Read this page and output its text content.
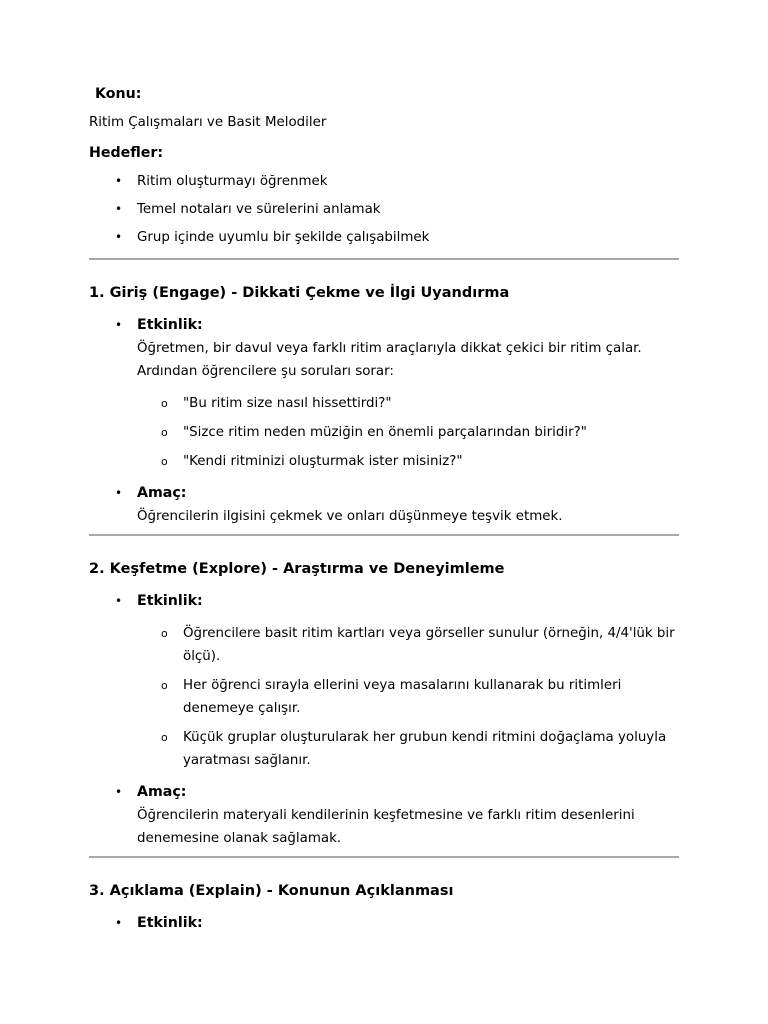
Konu:

Ritim Çalışmaları ve Basit Melodiler

Hedefler:

•	Ritim oluşturmayı öğrenmek
•	Temel notaları ve sürelerini anlamak
•	Grup içinde uyumlu bir şekilde çalışabilmek
1. Giriş (Engage) - Dikkati Çekme ve İlgi Uyandırma
•	Etkinlik:
Öğretmen, bir davul veya farklı ritim araçlarıyla dikkat çekici bir ritim çalar. Ardından öğrencilere şu soruları sorar:
o	"Bu ritim size nasıl hissettirdi?"
o	"Sizce ritim neden müziğin en önemli parçalarından biridir?"
o	"Kendi ritminizi oluşturmak ister misiniz?"
•	Amaç:
Öğrencilerin ilgisini çekmek ve onları düşünmeye teşvik etmek.
2. Keşfetme (Explore) - Araştırma ve Deneyimleme
•	Etkinlik:
o	Öğrencilere basit ritim kartları veya görseller sunulur (örneğin, 4/4'lük bir ölçü).
o	Her öğrenci sırayla ellerini veya masalarını kullanarak bu ritimleri denemeye çalışır.
o	Küçük gruplar oluşturularak her grubun kendi ritmini doğaçlama yoluyla yaratması sağlanır.
•	Amaç:
Öğrencilerin materyali kendilerinin keşfetmesine ve farklı ritim desenlerini denemesine olanak sağlamak.
3. Açıklama (Explain) - Konunun Açıklanması
•	Etkinlik:
